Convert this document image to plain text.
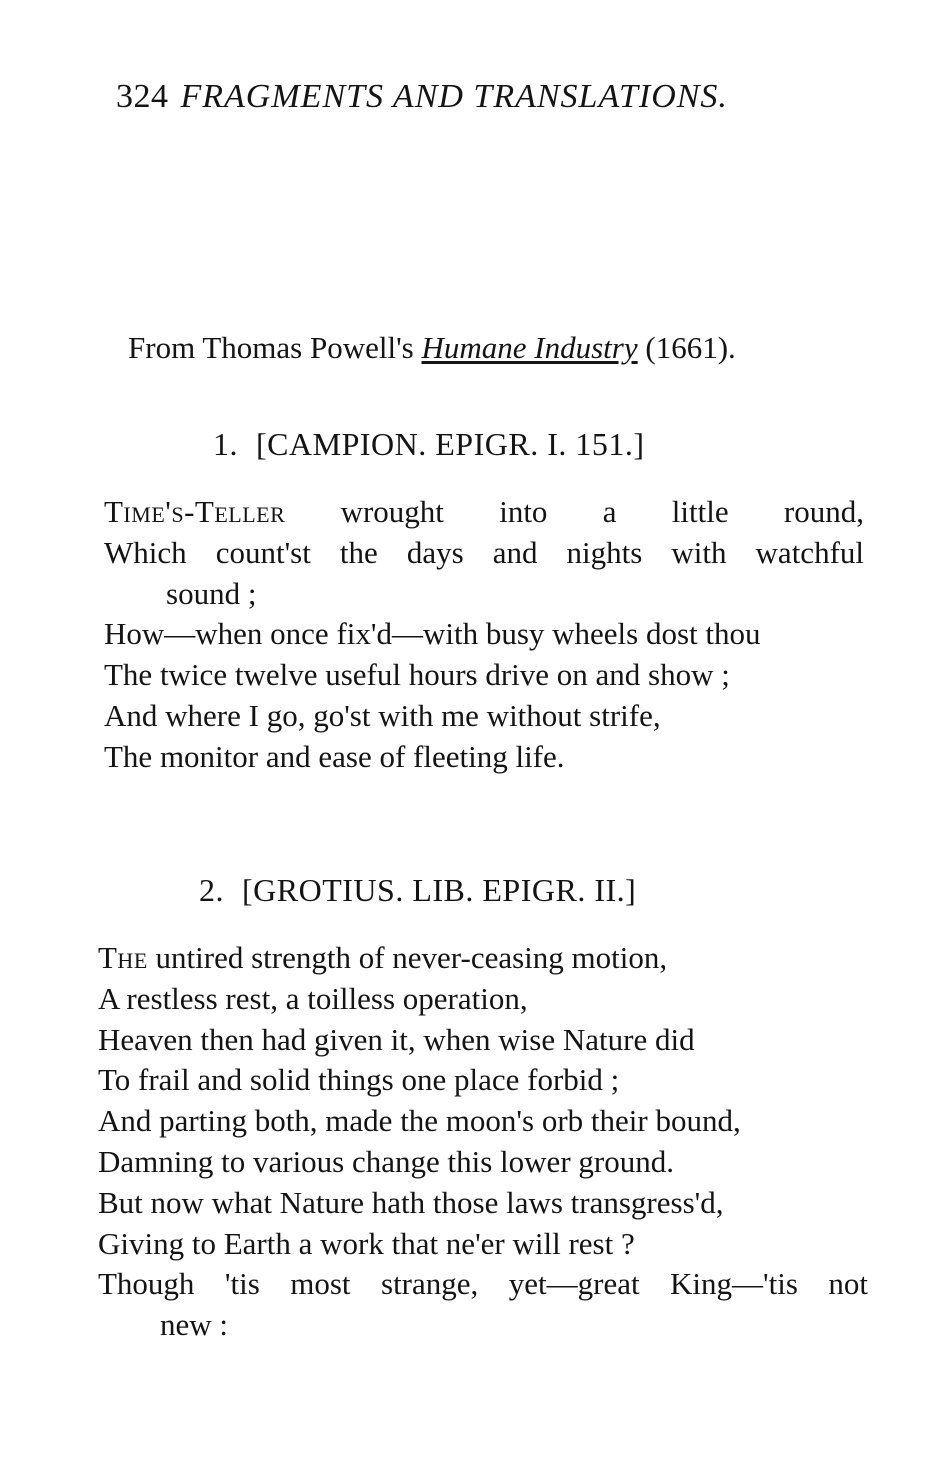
324 FRAGMENTS AND TRANSLATIONS.
From Thomas Powell's Humane Industry (1661).
1. [CAMPION. EPIGR. I. 151.]
Time's-Teller wrought into a little round,
Which count'st the days and nights with watchful
sound ;
How—when once fix'd—with busy wheels dost thou
The twice twelve useful hours drive on and show ;
And where I go, go'st with me without strife,
The monitor and ease of fleeting life.
2. [GROTIUS. LIB. EPIGR. II.]
The untired strength of never-ceasing motion,
A restless rest, a toilless operation,
Heaven then had given it, when wise Nature did
To frail and solid things one place forbid ;
And parting both, made the moon's orb their bound,
Damning to various change this lower ground.
But now what Nature hath those laws transgress'd,
Giving to Earth a work that ne'er will rest ?
Though 'tis most strange, yet—great King—'tis not
new :
